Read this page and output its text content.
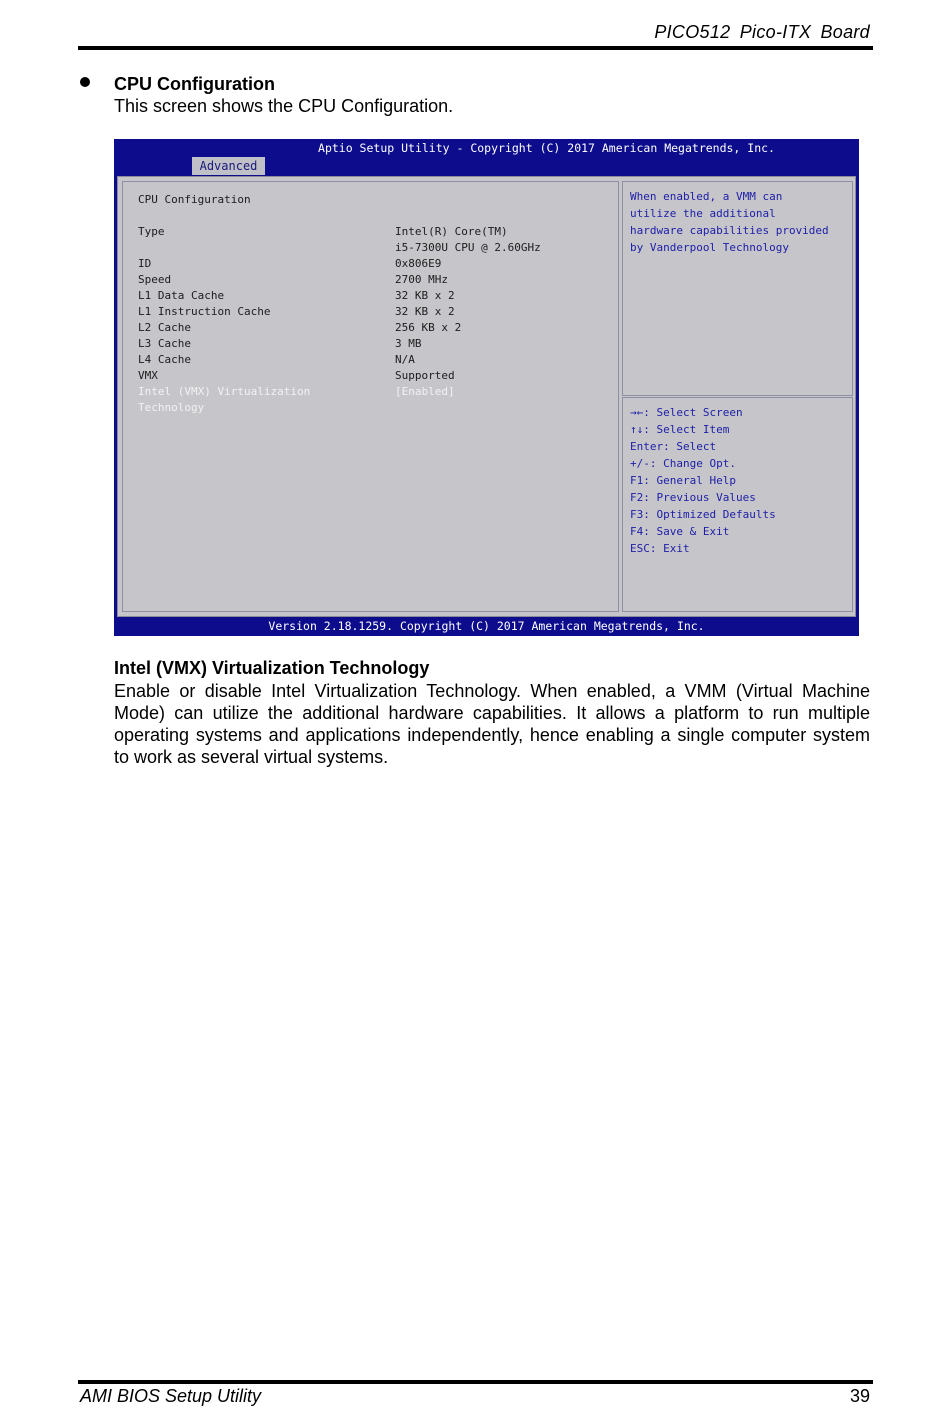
PICO512 Pico-ITX Board
CPU Configuration
This screen shows the CPU Configuration.
Aptio Setup Utility - Copyright (C) 2017 American Megatrends, Inc.
Advanced
CPU Configuration
Type	Intel(R) Core(TM)
i5-7300U CPU @ 2.60GHz
ID	0x806E9
Speed	2700 MHz
L1 Data Cache	32 KB x 2
L1 Instruction Cache	32 KB x 2
L2 Cache	256 KB x 2
L3 Cache	3 MB
L4 Cache	N/A
VMX	Supported
Intel (VMX) Virtualization	[Enabled]
Technology
When enabled, a VMM can
utilize the additional
hardware capabilities provided
by Vanderpool Technology
→←: Select Screen
↑↓: Select Item
Enter: Select
+/-: Change Opt.
F1: General Help
F2: Previous Values
F3: Optimized Defaults
F4: Save & Exit
ESC: Exit
Version 2.18.1259. Copyright (C) 2017 American Megatrends, Inc.
Intel (VMX) Virtualization Technology
Enable or disable Intel Virtualization Technology. When enabled, a VMM (Virtual Machine Mode) can utilize the additional hardware capabilities. It allows a platform to run multiple operating systems and applications independently, hence enabling a single computer system to work as several virtual systems.
AMI BIOS Setup Utility	39
